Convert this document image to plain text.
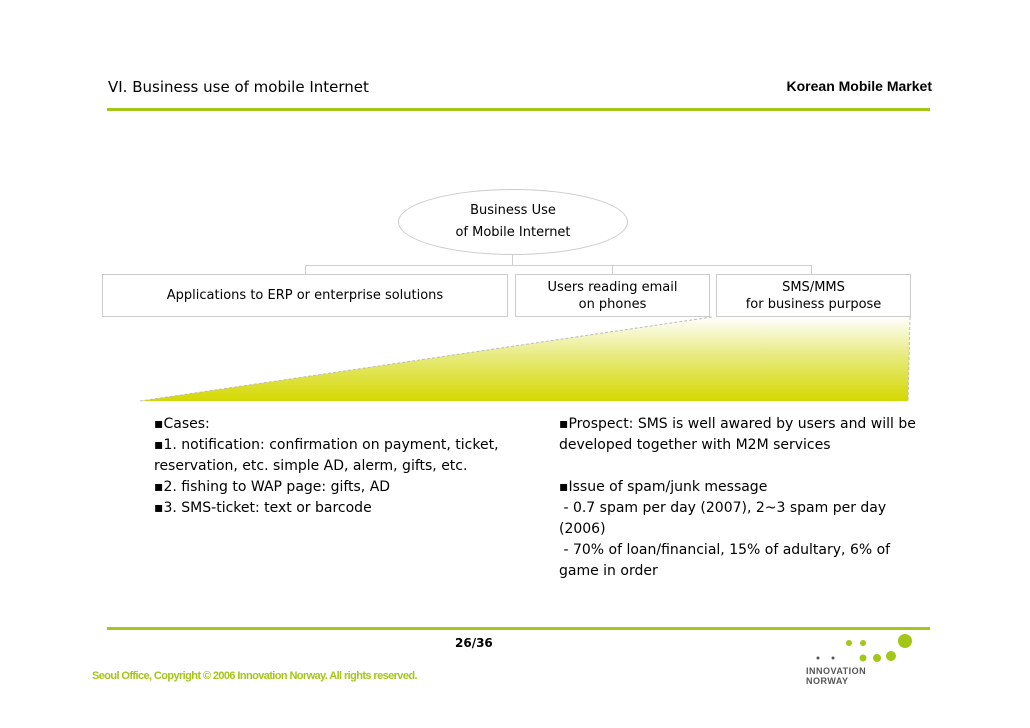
VI. Business use of mobile Internet	Korean Mobile Market
Business Use
of Mobile Internet
Applications to ERP or enterprise solutions
Users reading email
on phones
SMS/MMS
for business purpose
▪Cases:
▪1. notification: confirmation on payment, ticket,
reservation, etc. simple AD, alerm, gifts, etc.
▪2. fishing to WAP page: gifts, AD
▪3. SMS-ticket: text or barcode
▪Prospect: SMS is well awared by users and will be
developed together with M2M services
▪Issue of spam/junk message
- 0.7 spam per day (2007), 2~3 spam per day
(2006)
- 70% of loan/financial, 15% of adultary, 6% of
game in order
26/36
Seoul Office, Copyright © 2006 Innovation Norway. All rights reserved.	INNOVATION
NORWAY
